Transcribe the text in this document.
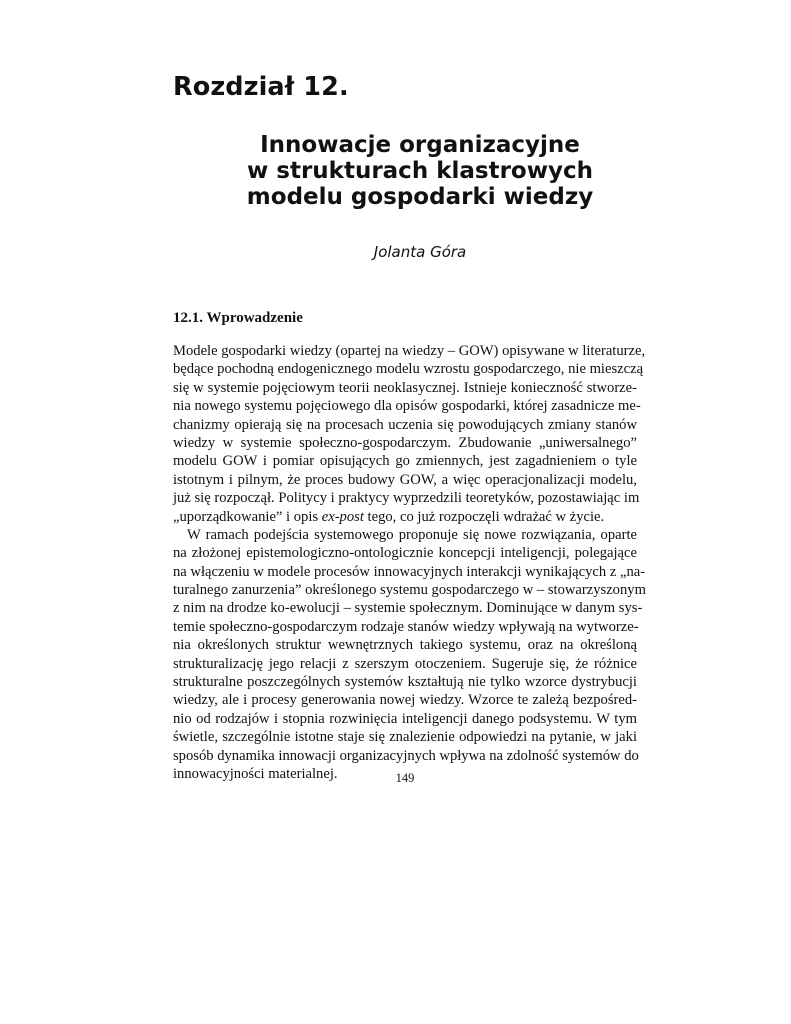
Rozdział 12.
Innowacje organizacyjne
w strukturach klastrowych
modelu gospodarki wiedzy
Jolanta Góra
12.1. Wprowadzenie
Modele gospodarki wiedzy (opartej na wiedzy – GOW) opisywane w literaturze,
będące pochodną endogenicznego modelu wzrostu gospodarczego, nie mieszczą
się w systemie pojęciowym teorii neoklasycznej. Istnieje konieczność stworze-
nia nowego systemu pojęciowego dla opisów gospodarki, której zasadnicze me-
chanizmy opierają się na procesach uczenia się powodujących zmiany stanów
wiedzy w systemie społeczno-gospodarczym. Zbudowanie „uniwersalnego”
modelu GOW i pomiar opisujących go zmiennych, jest zagadnieniem o tyle
istotnym i pilnym, że proces budowy GOW, a więc operacjonalizacji modelu,
już się rozpoczął. Politycy i praktycy wyprzedzili teoretyków, pozostawiając im
„uporządkowanie” i opis ex-post tego, co już rozpoczęli wdrażać w życie.
W ramach podejścia systemowego proponuje się nowe rozwiązania, oparte
na złożonej epistemologiczno-ontologicznie koncepcji inteligencji, polegające
na włączeniu w modele procesów innowacyjnych interakcji wynikających z „na-
turalnego zanurzenia” określonego systemu gospodarczego w – stowarzyszonym
z nim na drodze ko-ewolucji – systemie społecznym. Dominujące w danym sys-
temie społeczno-gospodarczym rodzaje stanów wiedzy wpływają na wytworze-
nia określonych struktur wewnętrznych takiego systemu, oraz na określoną
strukturalizację jego relacji z szerszym otoczeniem. Sugeruje się, że różnice
strukturalne poszczególnych systemów kształtują nie tylko wzorce dystrybucji
wiedzy, ale i procesy generowania nowej wiedzy. Wzorce te zależą bezpośred-
nio od rodzajów i stopnia rozwinięcia inteligencji danego podsystemu. W tym
świetle, szczególnie istotne staje się znalezienie odpowiedzi na pytanie, w jaki
sposób dynamika innowacji organizacyjnych wpływa na zdolność systemów do
innowacyjności materialnej.	149
